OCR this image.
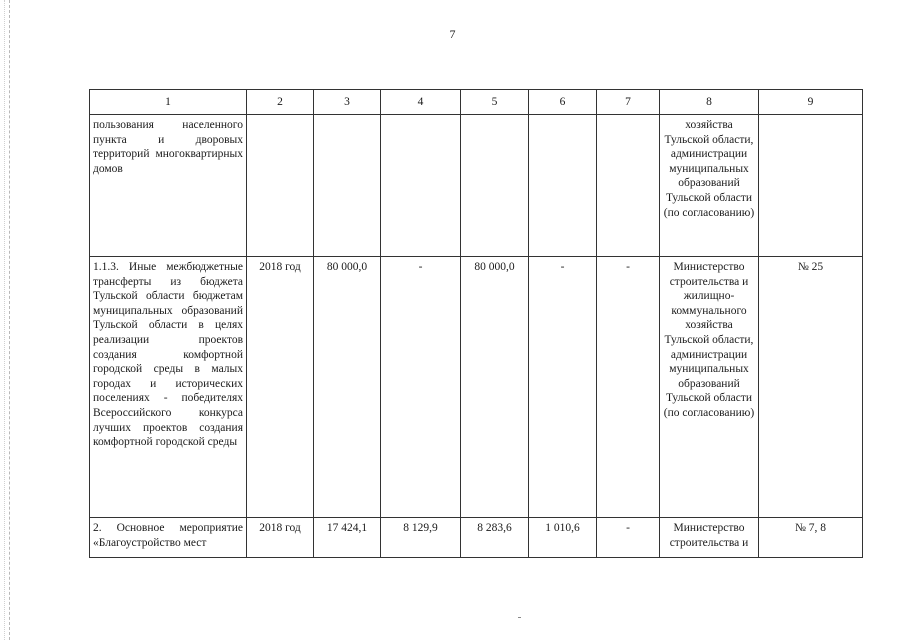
7
1	2	3	4	5	6	7	8	9
пользования населенного пункта и дворовых территорий многоквартирных домов							хозяйства Тульской области, администрации муниципальных образований Тульской области (по согласованию)	
1.1.3. Иные межбюджетные трансферты из бюджета Тульской области бюджетам муниципальных образований Тульской области в целях реализации проектов создания комфортной городской среды в малых городах и исторических поселениях - победителях Всероссийского конкурса лучших проектов создания комфортной городской среды	2018 год	80 000,0	-	80 000,0	-	-	Министерство строительства и жилищно-коммунального хозяйства Тульской области, администрации муниципальных образований Тульской области (по согласованию)	№ 25
2. Основное мероприятие «Благоустройство мест	2018 год	17 424,1	8 129,9	8 283,6	1 010,6	-	Министерство строительства и	№ 7, 8
